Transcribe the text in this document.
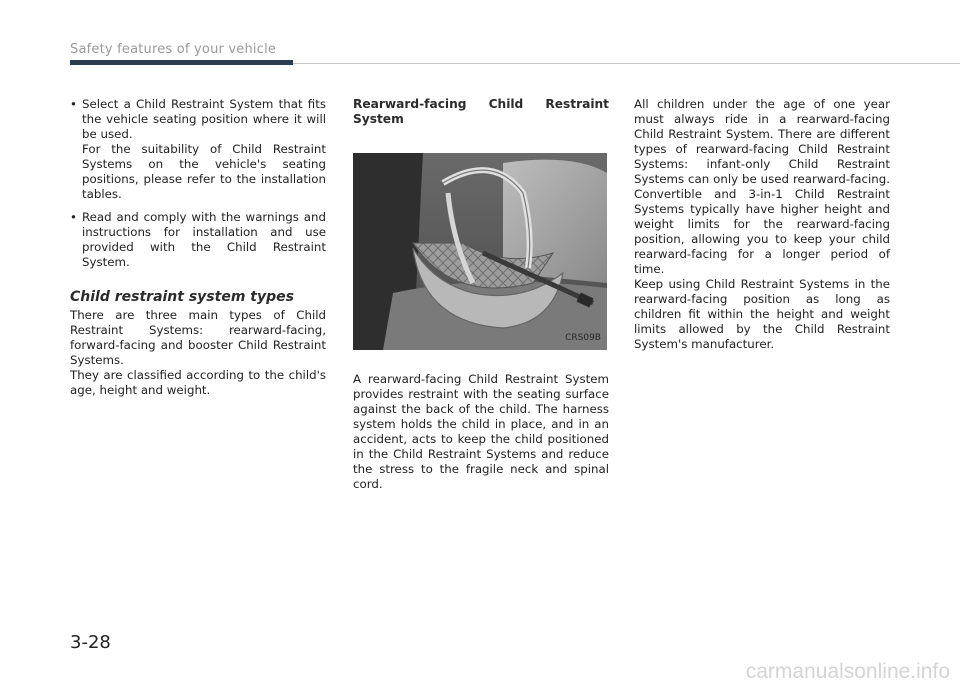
Safety features of your vehicle
• Select a Child Restraint System that fits the vehicle seating position where it will be used.

For the suitability of Child Restraint Systems on the vehicle's seating positions, please refer to the installation tables.

• Read and comply with the warnings and instructions for installation and use provided with the Child Restraint System.

Child restraint system types

There are three main types of Child Restraint Systems: rearward-facing, forward-facing and booster Child Restraint Systems.

They are classified according to the child's age, height and weight.

Rearward-facing Child Restraint System
CRS09B

A rearward-facing Child Restraint System provides restraint with the seating surface against the back of the child. The harness system holds the child in place, and in an accident, acts to keep the child positioned in the Child Restraint Systems and reduce the stress to the fragile neck and spinal cord.

All children under the age of one year must always ride in a rearward-facing Child Restraint System. There are different types of rearward-facing Child Restraint Systems: infant-only Child Restraint Systems can only be used rearward-facing. Convertible and 3-in-1 Child Restraint Systems typically have higher height and weight limits for the rearward-facing position, allowing you to keep your child rearward-facing for a longer period of time.

Keep using Child Restraint Systems in the rearward-facing position as long as children fit within the height and weight limits allowed by the Child Restraint System's manufacturer.

3-28
carmanualsonline.info
